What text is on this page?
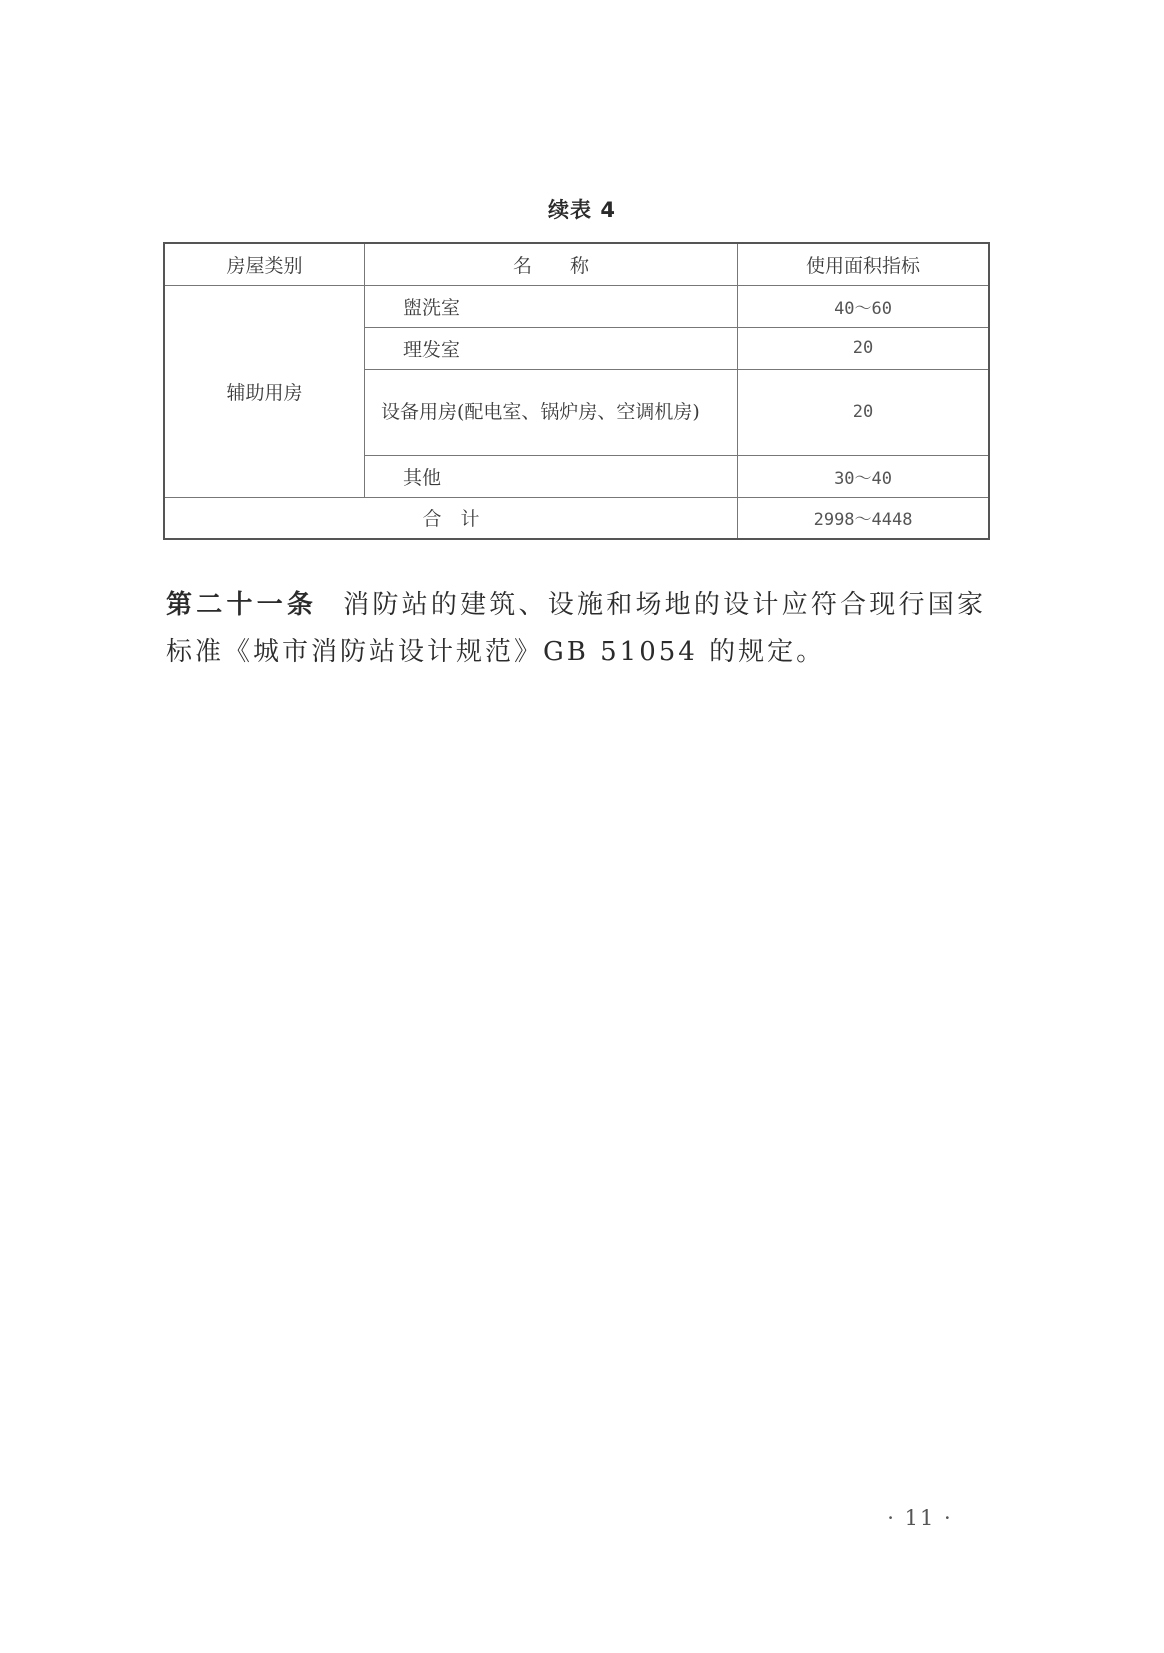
续表 4
房屋类别	名　　称	使用面积指标
辅助用房	盥洗室	40～60
	理发室	20
	设备用房(配电室、锅炉房、空调机房)	20
	其他	30～40
合　计		2998～4448

第二十一条 消防站的建筑、设施和场地的设计应符合现行国家标准《城市消防站设计规范》GB 51054 的规定。

· 11 ·
